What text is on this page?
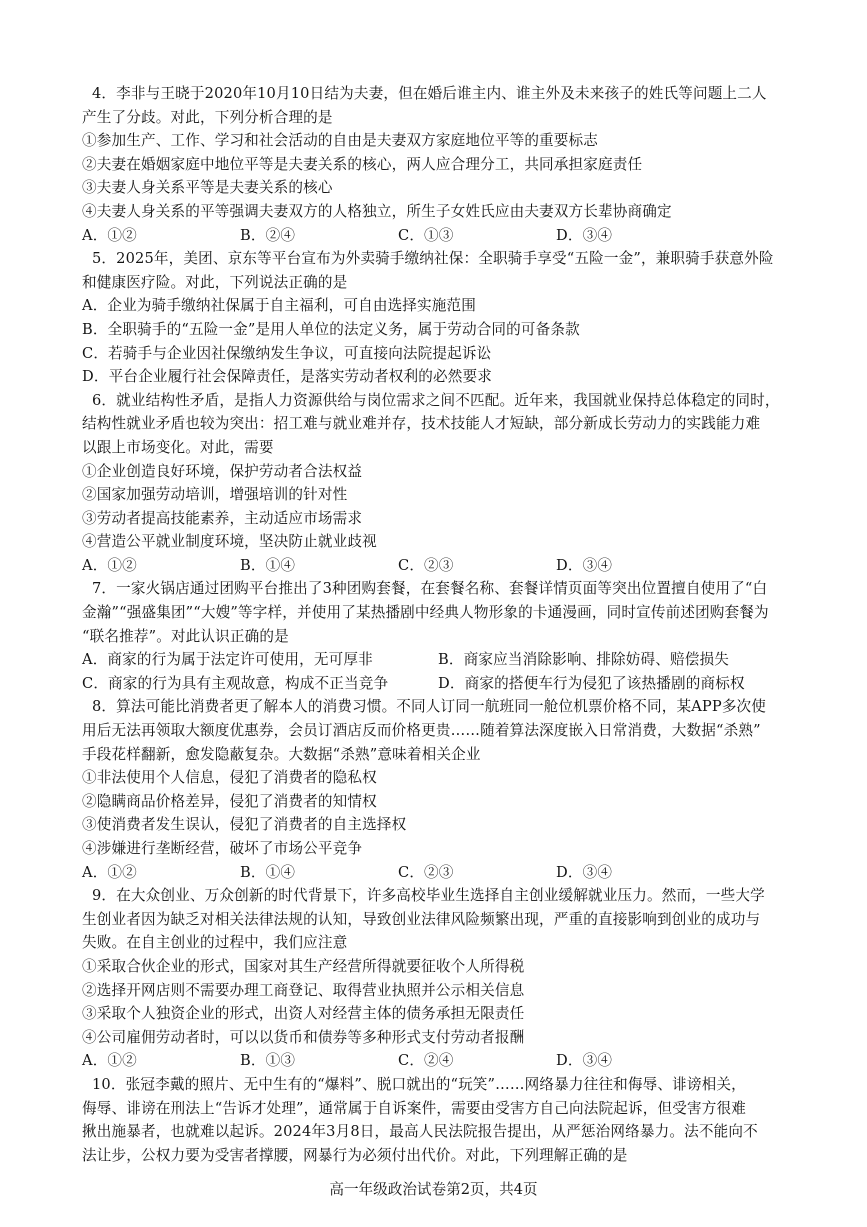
4．李非与王晓于2020年10月10日结为夫妻，但在婚后谁主内、谁主外及未来孩子的姓氏等问题上二人
产生了分歧。对此，下列分析合理的是
①参加生产、工作、学习和社会活动的自由是夫妻双方家庭地位平等的重要标志
②夫妻在婚姻家庭中地位平等是夫妻关系的核心，两人应合理分工，共同承担家庭责任
③夫妻人身关系平等是夫妻关系的核心
④夫妻人身关系的平等强调夫妻双方的人格独立，所生子女姓氏应由夫妻双方长辈协商确定
A．①②	B．②④	C．①③	D．③④
5．2025年，美团、京东等平台宣布为外卖骑手缴纳社保：全职骑手享受“五险一金”，兼职骑手获意外险
和健康医疗险。对此，下列说法正确的是
A．企业为骑手缴纳社保属于自主福利，可自由选择实施范围
B．全职骑手的“五险一金”是用人单位的法定义务，属于劳动合同的可备条款
C．若骑手与企业因社保缴纳发生争议，可直接向法院提起诉讼
D．平台企业履行社会保障责任，是落实劳动者权利的必然要求
6．就业结构性矛盾，是指人力资源供给与岗位需求之间不匹配。近年来，我国就业保持总体稳定的同时，
结构性就业矛盾也较为突出：招工难与就业难并存，技术技能人才短缺，部分新成长劳动力的实践能力难
以跟上市场变化。对此，需要
①企业创造良好环境，保护劳动者合法权益
②国家加强劳动培训，增强培训的针对性
③劳动者提高技能素养，主动适应市场需求
④营造公平就业制度环境，坚决防止就业歧视
A．①②	B．①④	C．②③	D．③④
7．一家火锅店通过团购平台推出了3种团购套餐，在套餐名称、套餐详情页面等突出位置擅自使用了“白
金瀚”“强盛集团”“大嫂”等字样，并使用了某热播剧中经典人物形象的卡通漫画，同时宣传前述团购套餐为
“联名推荐”。对此认识正确的是
A．商家的行为属于法定许可使用，无可厚非	B．商家应当消除影响、排除妨碍、赔偿损失
C．商家的行为具有主观故意，构成不正当竞争	D．商家的搭便车行为侵犯了该热播剧的商标权
8．算法可能比消费者更了解本人的消费习惯。不同人订同一航班同一舱位机票价格不同，某APP多次使
用后无法再领取大额度优惠券，会员订酒店反而价格更贵……随着算法深度嵌入日常消费，大数据“杀熟”
手段花样翻新，愈发隐蔽复杂。大数据“杀熟”意味着相关企业
①非法使用个人信息，侵犯了消费者的隐私权
②隐瞒商品价格差异，侵犯了消费者的知情权
③使消费者发生误认，侵犯了消费者的自主选择权
④涉嫌进行垄断经营，破坏了市场公平竞争
A．①②	B．①④	C．②③	D．③④
9．在大众创业、万众创新的时代背景下，许多高校毕业生选择自主创业缓解就业压力。然而，一些大学
生创业者因为缺乏对相关法律法规的认知，导致创业法律风险频繁出现，严重的直接影响到创业的成功与
失败。在自主创业的过程中，我们应注意
①采取合伙企业的形式，国家对其生产经营所得就要征收个人所得税
②选择开网店则不需要办理工商登记、取得营业执照并公示相关信息
③采取个人独资企业的形式，出资人对经营主体的债务承担无限责任
④公司雇佣劳动者时，可以以货币和债券等多种形式支付劳动者报酬
A．①②	B．①③	C．②④	D．③④
10．张冠李戴的照片、无中生有的“爆料”、脱口就出的“玩笑”……网络暴力往往和侮辱、诽谤相关，
侮辱、诽谤在刑法上“告诉才处理”，通常属于自诉案件，需要由受害方自己向法院起诉，但受害方很难
揪出施暴者，也就难以起诉。2024年3月8日，最高人民法院报告提出，从严惩治网络暴力。法不能向不
法让步，公权力要为受害者撑腰，网暴行为必须付出代价。对此，下列理解正确的是
高一年级政治试卷第2页，共4页
